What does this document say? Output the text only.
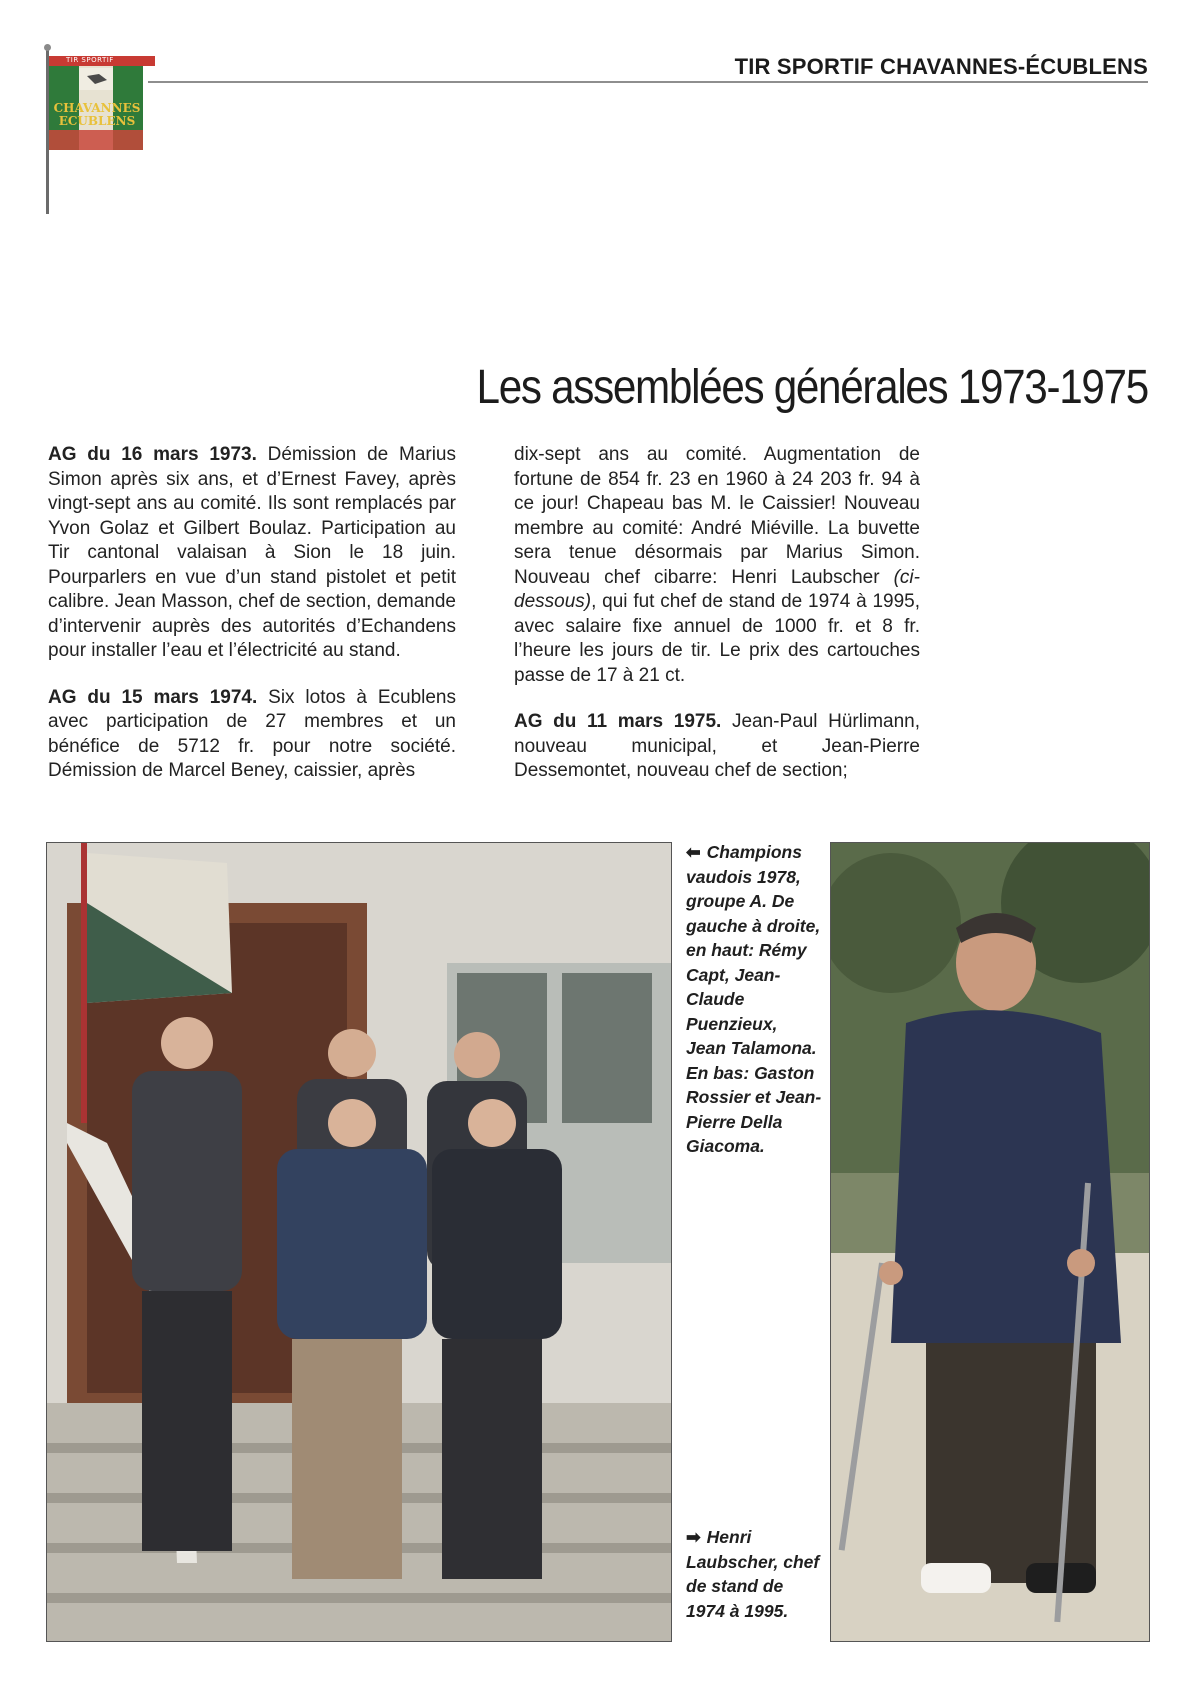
TIR SPORTIF
CHAVANNES
ECUBLENS
TIR SPORTIF CHAVANNES-ÉCUBLENS
Les assemblées générales 1973-1975

AG du 16 mars 1973. Démission de Marius Simon après six ans, et d’Ernest Favey, après vingt-sept ans au comité. Ils sont remplacés par Yvon Golaz et Gilbert Boulaz. Participation au Tir cantonal valaisan à Sion le 18 juin. Pourparlers en vue d’un stand pistolet et petit calibre. Jean Masson, chef de section, demande d’intervenir auprès des autorités d’Echandens pour installer l’eau et l’électricité au stand.

AG du 15 mars 1974. Six lotos à Ecublens avec participation de 27 membres et un bénéfice de 5712 fr. pour notre société. Démission de Marcel Beney, caissier, après

dix-sept ans au comité. Augmentation de fortune de 854 fr. 23 en 1960 à 24 203 fr. 94 à ce jour! Chapeau bas M. le Caissier! Nouveau membre au comité: André Miéville. La buvette sera tenue désormais par Marius Simon. Nouveau chef cibarre: Henri Laubscher (ci-dessous), qui fut chef de stand de 1974 à 1995, avec salaire fixe annuel de 1000 fr. et 8 fr. l’heure les jours de tir. Le prix des cartouches passe de 17 à 21 ct.

AG du 11 mars 1975. Jean-Paul Hürlimann, nouveau municipal, et Jean-Pierre Dessemontet, nouveau chef de section;

⬅ Champions vaudois 1978, groupe A. De gauche à droite, en haut: Rémy Capt, Jean-Claude Puenzieux, Jean Talamona. En bas: Gaston Rossier et Jean-Pierre Della Giacoma.
➡ Henri Laubscher, chef de stand de 1974 à 1995.
